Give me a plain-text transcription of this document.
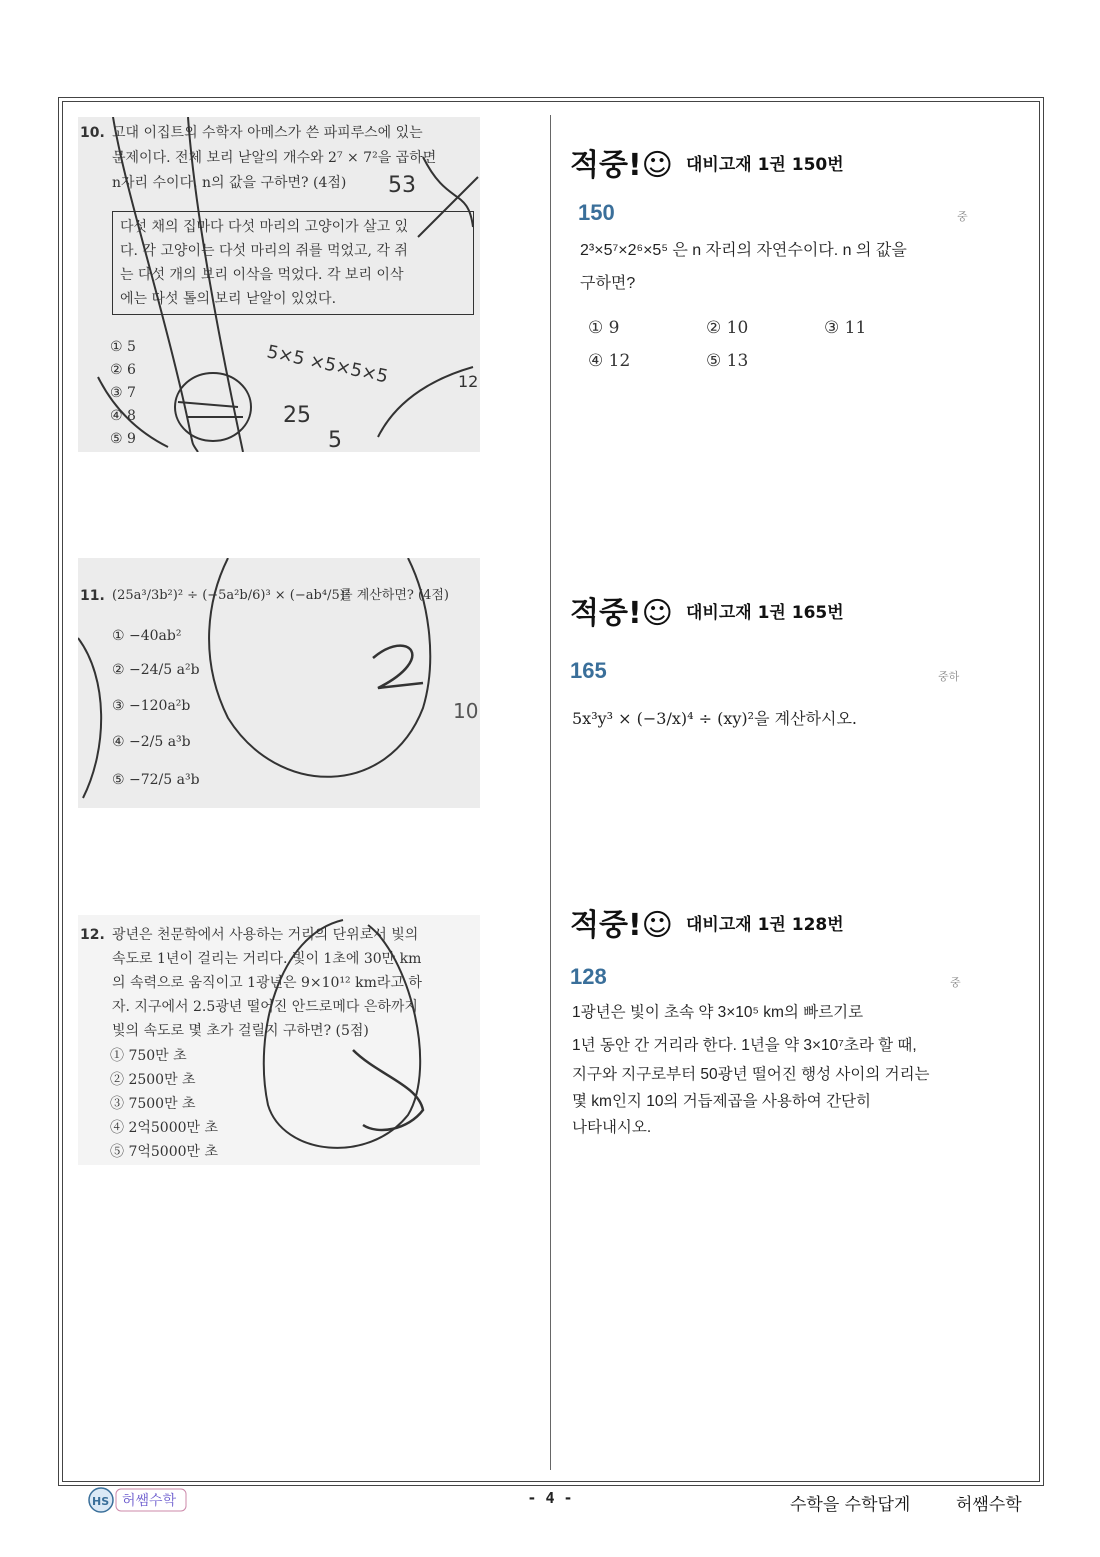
10. 고대 이집트의 수학자 아메스가 쓴 파피루스에 있는
문제이다. 전체 보리 낟알의 개수와 2⁷ × 7²을 곱하면
n자리 수이다. n의 값을 구하면? (4점)
다섯 채의 집마다 다섯 마리의 고양이가 살고 있
다. 각 고양이는 다섯 마리의 쥐를 먹었고, 각 쥐
는 다섯 개의 보리 이삭을 먹었다. 각 보리 이삭
에는 다섯 톨의 보리 낟알이 있었다.
① 5
② 6
③ 7
④ 8
⑤ 9
25
5
5×5 ×5×5×5
53
12
11. (25a³/3b²)² ÷ (−5a²b/6)³ × (−ab⁴/5)²
를 계산하면? (4점)
① −40ab²
② −24/5 a²b
③ −120a²b
④ −2/5 a³b
⑤ −72/5 a³b
10
12. 광년은 천문학에서 사용하는 거리의 단위로서 빛의
속도로 1년이 걸리는 거리다. 빛이 1초에 30만 km
의 속력으로 움직이고 1광년은 9×10¹² km라고 하
자. 지구에서 2.5광년 떨어진 안드로메다 은하까지
빛의 속도로 몇 초가 걸릴지 구하면? (5점)
① 750만 초
② 2500만 초
③ 7500만 초
④ 2억5000만 초
⑤ 7억5000만 초
적중!☺ 대비고재 1권 150번
150	중
2³×5⁷×2⁶×5⁵ 은 n 자리의 자연수이다. n 의 값을
구하면?
① 9	② 10	③ 11
④ 12	⑤ 13
적중!☺ 대비고재 1권 165번
165	중하
5x³y³ × (−3/x)⁴ ÷ (xy)²을 계산하시오.
적중!☺ 대비고재 1권 128번
128	중
1광년은 빛이 초속 약 3×10⁵ km의 빠르기로
1년 동안 간 거리라 한다. 1년을 약 3×10⁷초라 할 때,
지구와 지구로부터 50광년 떨어진 행성 사이의 거리는
몇 km인지 10의 거듭제곱을 사용하여 간단히
나타내시오.
HS 허쌤수학	- 4 -	수학을 수학답게	허쌤수학
